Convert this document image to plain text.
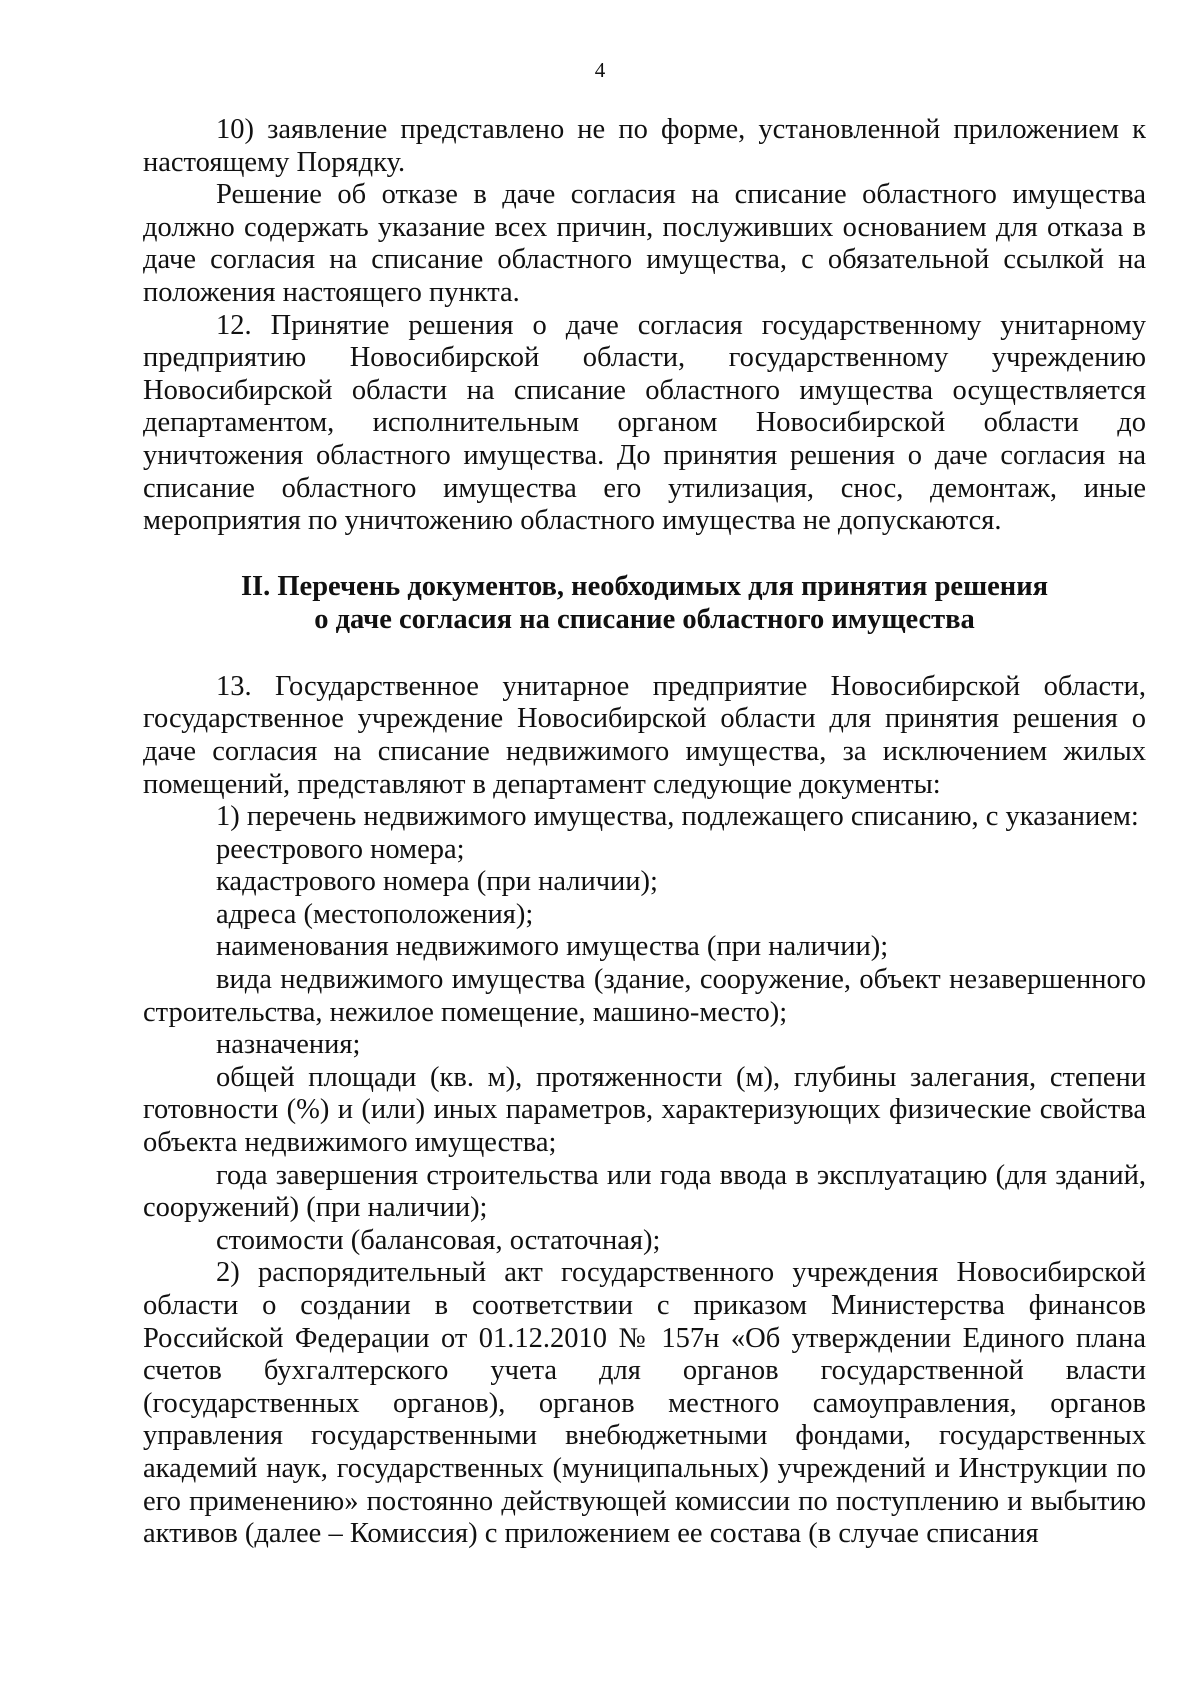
4

10) заявление представлено не по форме, установленной приложением к настоящему Порядку.

Решение об отказе в даче согласия на списание областного имущества должно содержать указание всех причин, послуживших основанием для отказа в даче согласия на списание областного имущества, с обязательной ссылкой на положения настоящего пункта.

12. Принятие решения о даче согласия государственному унитарному предприятию Новосибирской области, государственному учреждению Новосибирской области на списание областного имущества осуществляется департаментом, исполнительным органом Новосибирской области до уничтожения областного имущества. До принятия решения о даче согласия на списание областного имущества его утилизация, снос, демонтаж, иные мероприятия по уничтожению областного имущества не допускаются.

II. Перечень документов, необходимых для принятия решения
о даче согласия на списание областного имущества

13. Государственное унитарное предприятие Новосибирской области, государственное учреждение Новосибирской области для принятия решения о даче согласия на списание недвижимого имущества, за исключением жилых помещений, представляют в департамент следующие документы:

1) перечень недвижимого имущества, подлежащего списанию, с указанием:

реестрового номера;

кадастрового номера (при наличии);

адреса (местоположения);

наименования недвижимого имущества (при наличии);

вида недвижимого имущества (здание, сооружение, объект незавершенного строительства, нежилое помещение, машино-место);

назначения;

общей площади (кв. м), протяженности (м), глубины залегания, степени готовности (%) и (или) иных параметров, характеризующих физические свойства объекта недвижимого имущества;

года завершения строительства или года ввода в эксплуатацию (для зданий, сооружений) (при наличии);

стоимости (балансовая, остаточная);

2) распорядительный акт государственного учреждения Новосибирской области о создании в соответствии с приказом Министерства финансов Российской Федерации от 01.12.2010 № 157н «Об утверждении Единого плана счетов бухгалтерского учета для органов государственной власти (государственных органов), органов местного самоуправления, органов управления государственными внебюджетными фондами, государственных академий наук, государственных (муниципальных) учреждений и Инструкции по его применению» постоянно действующей комиссии по поступлению и выбытию активов (далее – Комиссия) с приложением ее состава (в случае списания
